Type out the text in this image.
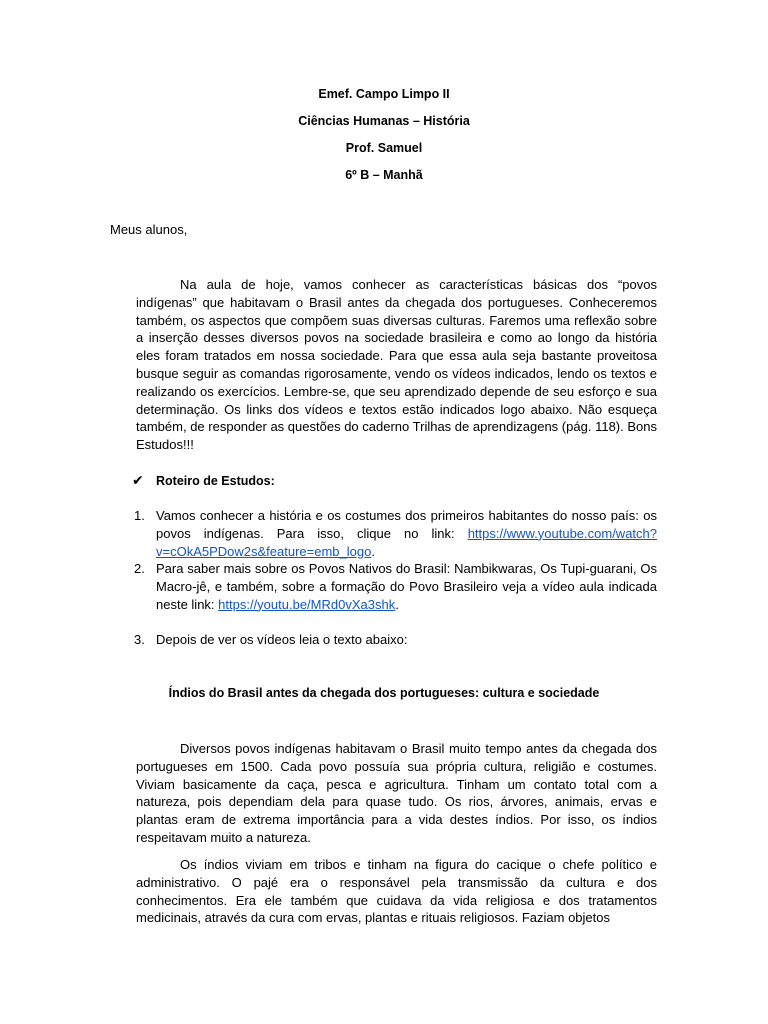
Emef. Campo Limpo II
Ciências Humanas – História
Prof. Samuel
6º B – Manhã
Meus alunos,

Na aula de hoje, vamos conhecer as características básicas dos “povos indígenas” que habitavam o Brasil antes da chegada dos portugueses. Conheceremos também, os aspectos que compõem suas diversas culturas. Faremos uma reflexão sobre a inserção desses diversos povos na sociedade brasileira e como ao longo da história eles foram tratados em nossa sociedade. Para que essa aula seja bastante proveitosa busque seguir as comandas rigorosamente, vendo os vídeos indicados, lendo os textos e realizando os exercícios. Lembre-se, que seu aprendizado depende de seu esforço e sua determinação. Os links dos vídeos e textos estão indicados logo abaixo. Não esqueça também, de responder as questões do caderno Trilhas de aprendizagens (pág. 118). Bons Estudos!!!

✔ Roteiro de Estudos:
1. Vamos conhecer a história e os costumes dos primeiros habitantes do nosso país: os povos indígenas. Para isso, clique no link: https://www.youtube.com/watch?v=cOkA5PDow2s&feature=emb_logo.
2. Para saber mais sobre os Povos Nativos do Brasil: Nambikwaras, Os Tupi-guarani, Os Macro-jê, e também, sobre a formação do Povo Brasileiro veja a vídeo aula indicada neste link: https://youtu.be/MRd0vXa3shk.
3. Depois de ver os vídeos leia o texto abaixo:
Índios do Brasil antes da chegada dos portugueses: cultura e sociedade

Diversos povos indígenas habitavam o Brasil muito tempo antes da chegada dos portugueses em 1500. Cada povo possuía sua própria cultura, religião e costumes. Viviam basicamente da caça, pesca e agricultura. Tinham um contato total com a natureza, pois dependiam dela para quase tudo. Os rios, árvores, animais, ervas e plantas eram de extrema importância para a vida destes índios. Por isso, os índios respeitavam muito a natureza.

Os índios viviam em tribos e tinham na figura do cacique o chefe político e administrativo. O pajé era o responsável pela transmissão da cultura e dos conhecimentos. Era ele também que cuidava da vida religiosa e dos tratamentos medicinais, através da cura com ervas, plantas e rituais religiosos. Faziam objetos
